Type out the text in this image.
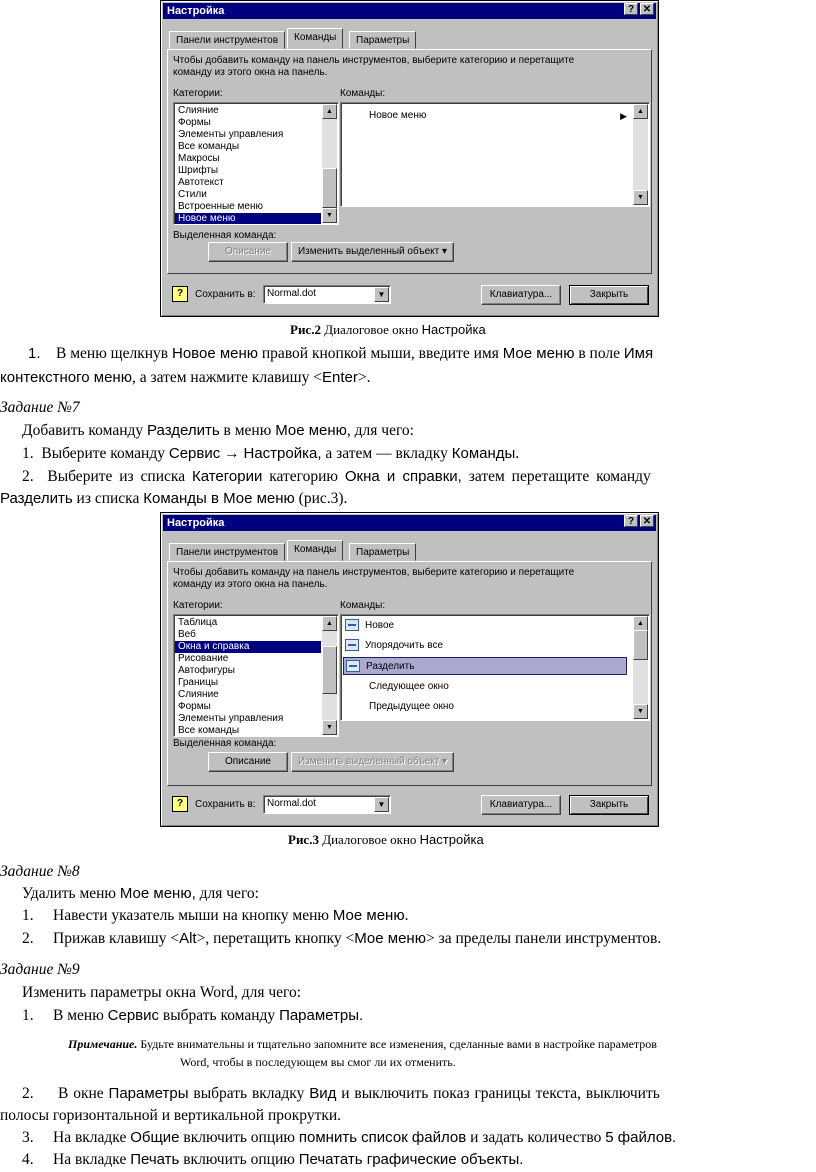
Настройка	? ✕
Панели инструментов	Команды	Параметры
Чтобы добавить команду на панель инструментов, выберите категорию и перетащите команду из этого окна на панель.
Категории:	Команды:
Слияние
Формы
Элементы управления
Все команды
Макросы
Шрифты
Автотекст
Стили
Встроенные меню
Новое меню
▲
▼
Новое меню	▶	▲
▼
Выделенная команда:
Описание	Изменить выделенный объект ▾
?	Сохранить в:	Normal.dot	▼	Клавиатура...	Закрыть
Рис.2 Диалоговое окно Настройка
1. В меню щелкнув Новое меню правой кнопкой мыши, введите имя Мое меню в поле Имя
контекстного меню, а затем нажмите клавишу <Enter>.
Задание №7
Добавить команду Разделить в меню Мое меню, для чего:
1. Выберите команду Сервис → Настройка, а затем — вкладку Команды.
2. Выберите из списка Категории категорию Окна и справки, затем перетащите команду
Разделить из списка Команды в Мое меню (рис.3).
Настройка	? ✕
Панели инструментов	Команды	Параметры
Чтобы добавить команду на панель инструментов, выберите категорию и перетащите команду из этого окна на панель.
Категории:	Команды:
Таблица
Веб
Окна и справка
Рисование
Автофигуры
Границы
Слияние
Формы
Элементы управления
Все команды
▲
▼
Новое
Упорядочить все
Разделить
Следующее окно
Предыдущее окно
▲
▼
Выделенная команда:
Описание	Изменить выделенный объект ▾
?	Сохранить в:	Normal.dot	▼	Клавиатура...	Закрыть
Рис.3 Диалоговое окно Настройка
Задание №8
Удалить меню Мое меню, для чего:
1. Навести указатель мыши на кнопку меню Мое меню.
2. Прижав клавишу <Alt>, перетащить кнопку <Мое меню> за пределы панели инструментов.
Задание №9
Изменить параметры окна Word, для чего:
1. В меню Сервис выбрать команду Параметры.
Примечание. Будьте внимательны и тщательно запомните все изменения, сделанные вами в настройке параметров
Word, чтобы в последующем вы смог ли их отменить.
2. В окне Параметры выбрать вкладку Вид и выключить показ границы текста, выключить
полосы горизонтальной и вертикальной прокрутки.
3. На вкладке Общие включить опцию помнить список файлов и задать количество 5 файлов.
4. На вкладке Печать включить опцию Печатать графические объекты.
